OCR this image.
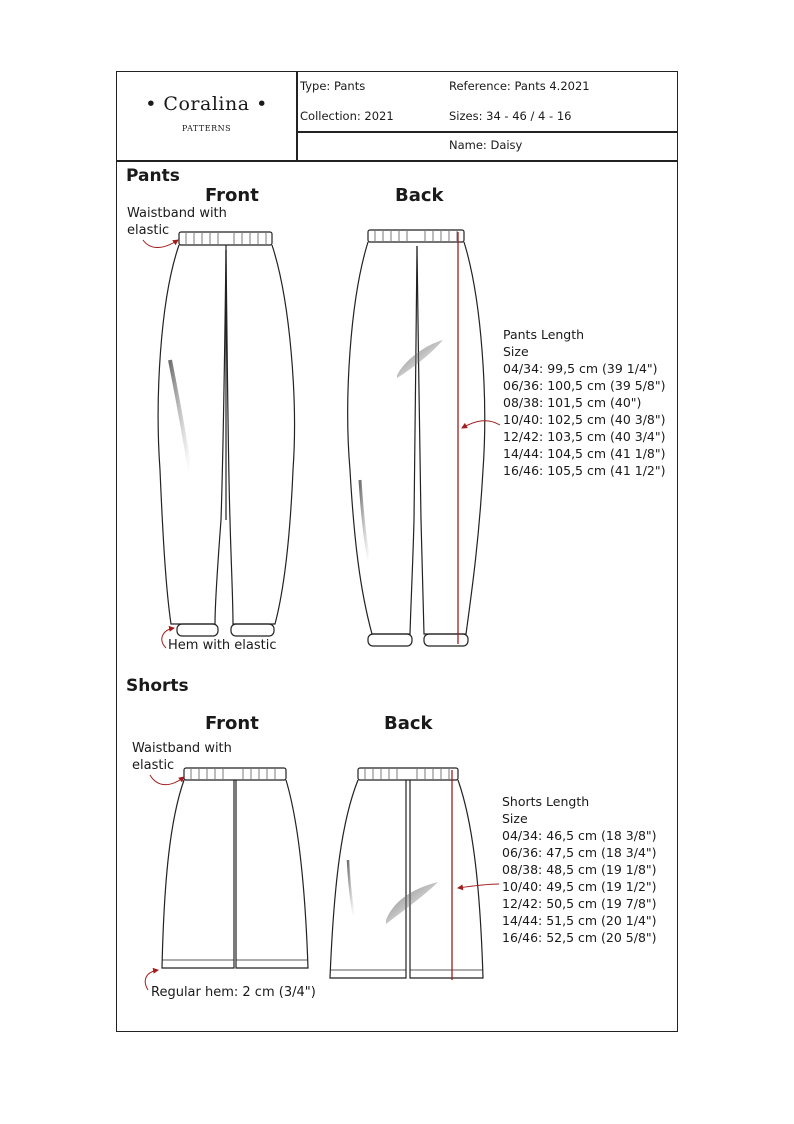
• Coralina •
PATTERNS
Type: Pants	Reference: Pants 4.2021
Collection: 2021	Sizes: 34 - 46 / 4 - 16
Name: Daisy
Pants
Front	Back
Waistband with
elastic
Hem with elastic
Pants Length
Size
04/34: 99,5 cm (39 1/4")
06/36: 100,5 cm (39 5/8")
08/38: 101,5 cm (40")
10/40: 102,5 cm (40 3/8")
12/42: 103,5 cm (40 3/4")
14/44: 104,5 cm (41 1/8")
16/46: 105,5 cm (41 1/2")
Shorts
Front	Back
Waistband with
elastic
Regular hem: 2 cm (3/4")
Shorts Length
Size
04/34: 46,5 cm (18 3/8")
06/36: 47,5 cm (18 3/4")
08/38: 48,5 cm (19 1/8")
10/40: 49,5 cm (19 1/2")
12/42: 50,5 cm (19 7/8")
14/44: 51,5 cm (20 1/4")
16/46: 52,5 cm (20 5/8")
